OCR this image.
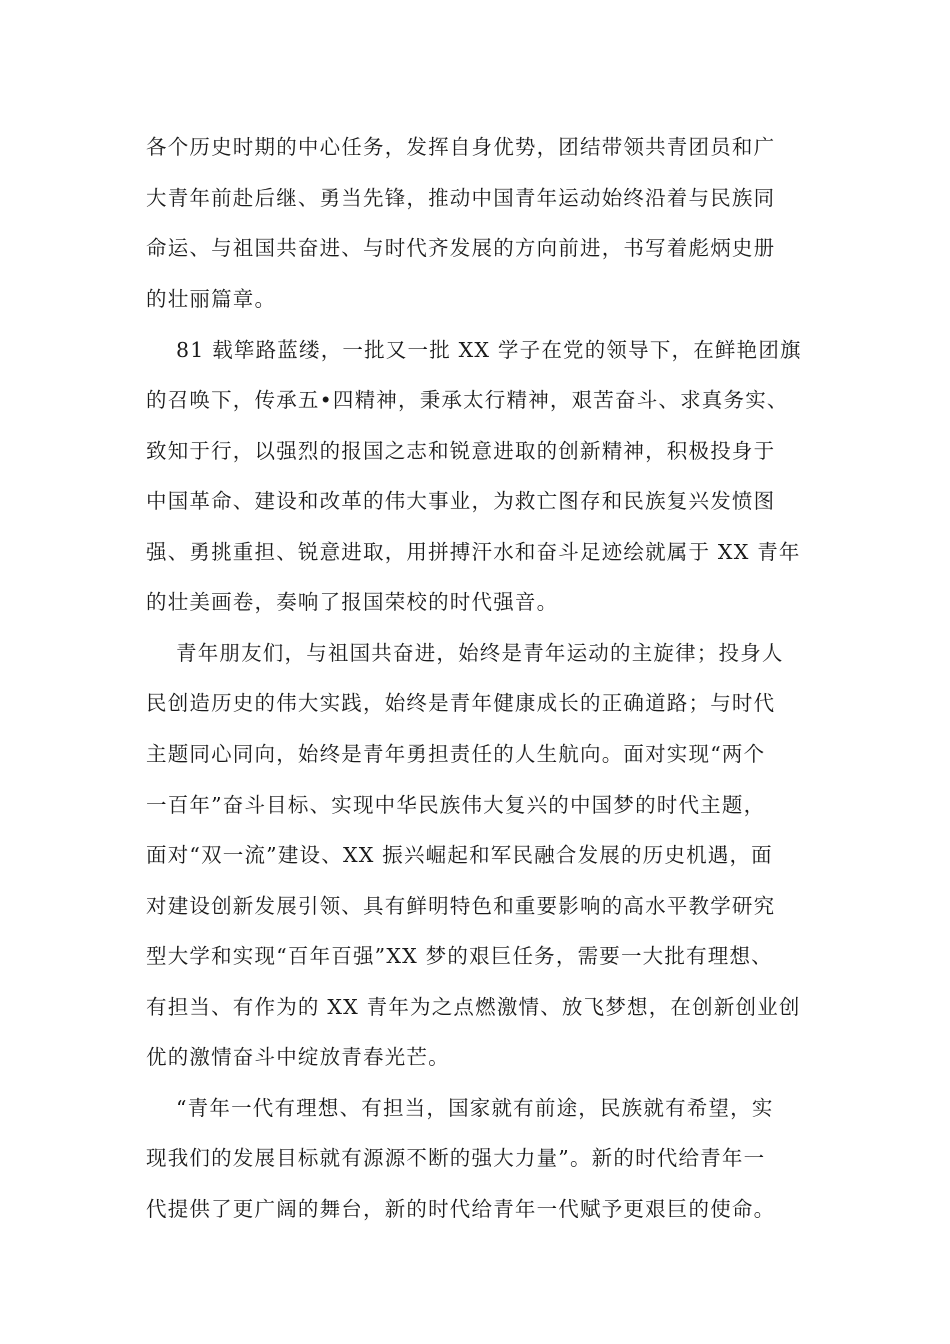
各个历史时期的中心任务，发挥自身优势，团结带领共青团员和广
大青年前赴后继、勇当先锋，推动中国青年运动始终沿着与民族同
命运、与祖国共奋进、与时代齐发展的方向前进，书写着彪炳史册
的壮丽篇章。
81 载筚路蓝缕，一批又一批 XX 学子在党的领导下，在鲜艳团旗
的召唤下，传承五•四精神，秉承太行精神，艰苦奋斗、求真务实、
致知于行，以强烈的报国之志和锐意进取的创新精神，积极投身于
中国革命、建设和改革的伟大事业，为救亡图存和民族复兴发愤图
强、勇挑重担、锐意进取，用拼搏汗水和奋斗足迹绘就属于 XX 青年
的壮美画卷，奏响了报国荣校的时代强音。
青年朋友们，与祖国共奋进，始终是青年运动的主旋律；投身人
民创造历史的伟大实践，始终是青年健康成长的正确道路；与时代
主题同心同向，始终是青年勇担责任的人生航向。面对实现“两个
一百年”奋斗目标、实现中华民族伟大复兴的中国梦的时代主题，
面对“双一流”建设、XX 振兴崛起和军民融合发展的历史机遇，面
对建设创新发展引领、具有鲜明特色和重要影响的高水平教学研究
型大学和实现“百年百强”XX 梦的艰巨任务，需要一大批有理想、
有担当、有作为的 XX 青年为之点燃激情、放飞梦想，在创新创业创
优的激情奋斗中绽放青春光芒。
“青年一代有理想、有担当，国家就有前途，民族就有希望，实
现我们的发展目标就有源源不断的强大力量”。新的时代给青年一
代提供了更广阔的舞台，新的时代给青年一代赋予更艰巨的使命。
